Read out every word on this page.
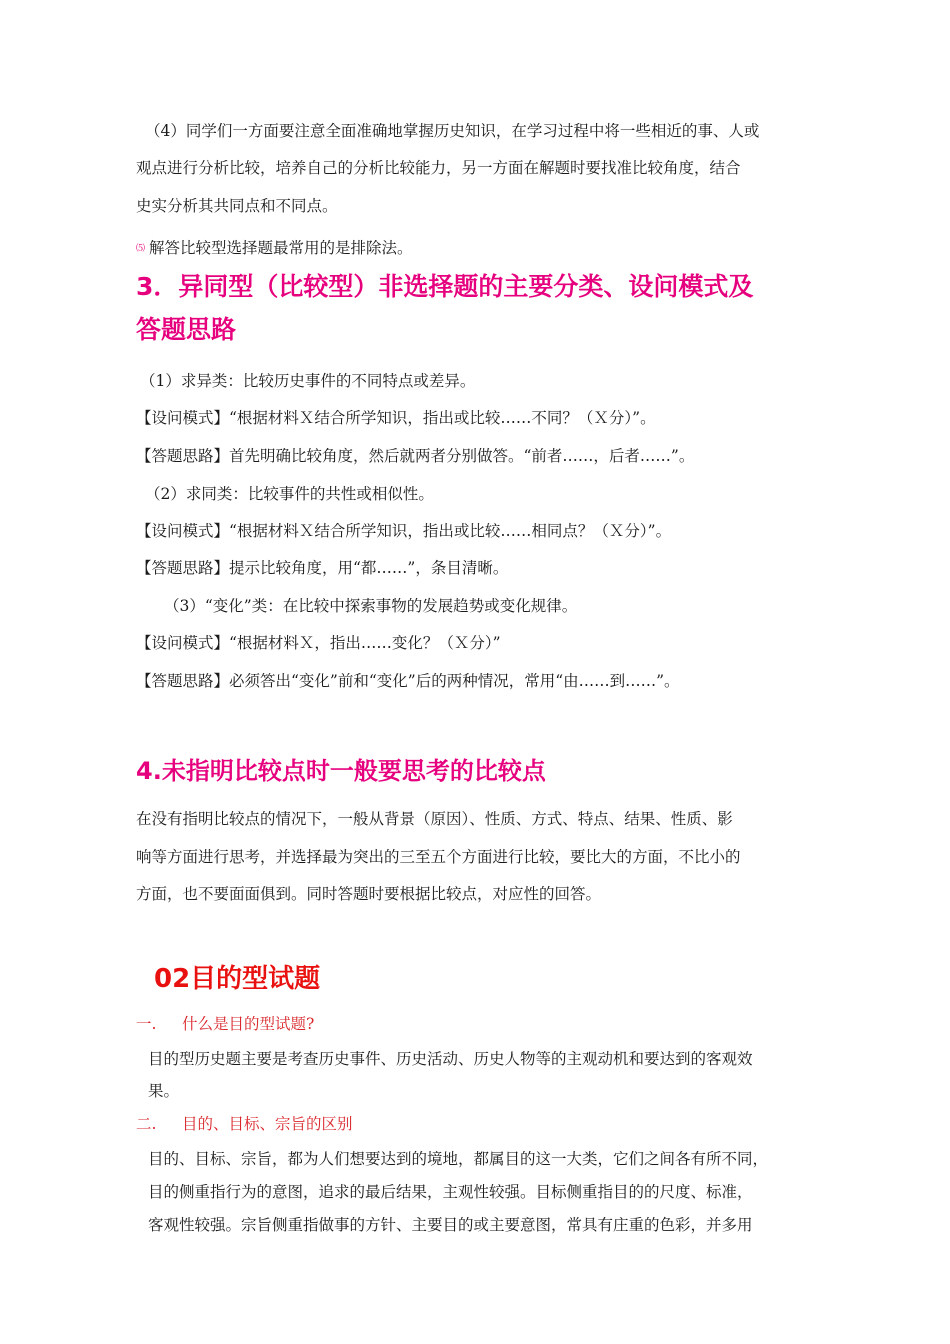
（4）同学们一方面要注意全面准确地掌握历史知识，在学习过程中将一些相近的事、人或
观点进行分析比较，培养自己的分析比较能力，另一方面在解题时要找准比较角度，结合
史实分析其共同点和不同点。
⑸ 解答比较型选择题最常用的是排除法。
3．异同型（比较型）非选择题的主要分类、设问模式及
答题思路
（1）求异类：比较历史事件的不同特点或差异。
【设问模式】“根据材料Ｘ结合所学知识，指出或比较……不同？（Ｘ分）”。
【答题思路】首先明确比较角度，然后就两者分别做答。“前者……，后者……”。
（2）求同类：比较事件的共性或相似性。
【设问模式】“根据材料Ｘ结合所学知识，指出或比较……相同点？（Ｘ分）”。
【答题思路】提示比较角度，用“都……”，条目清晰。
（3）“变化”类：在比较中探索事物的发展趋势或变化规律。
【设问模式】“根据材料Ｘ，指出……变化？（Ｘ分）”
【答题思路】必须答出“变化”前和“变化”后的两种情况，常用“由……到……”。
4.未指明比较点时一般要思考的比较点
在没有指明比较点的情况下，一般从背景（原因）、性质、方式、特点、结果、性质、影
响等方面进行思考，并选择最为突出的三至五个方面进行比较，要比大的方面，不比小的
方面，也不要面面俱到。同时答题时要根据比较点，对应性的回答。
02目的型试题
一. 什么是目的型试题?
目的型历史题主要是考查历史事件、历史活动、历史人物等的主观动机和要达到的客观效
果。
二. 目的、目标、宗旨的区别
目的、目标、宗旨，都为人们想要达到的境地，都属目的这一大类，它们之间各有所不同，
目的侧重指行为的意图，追求的最后结果，主观性较强。目标侧重指目的的尺度、标准，
客观性较强。宗旨侧重指做事的方针、主要目的或主要意图，常具有庄重的色彩，并多用
